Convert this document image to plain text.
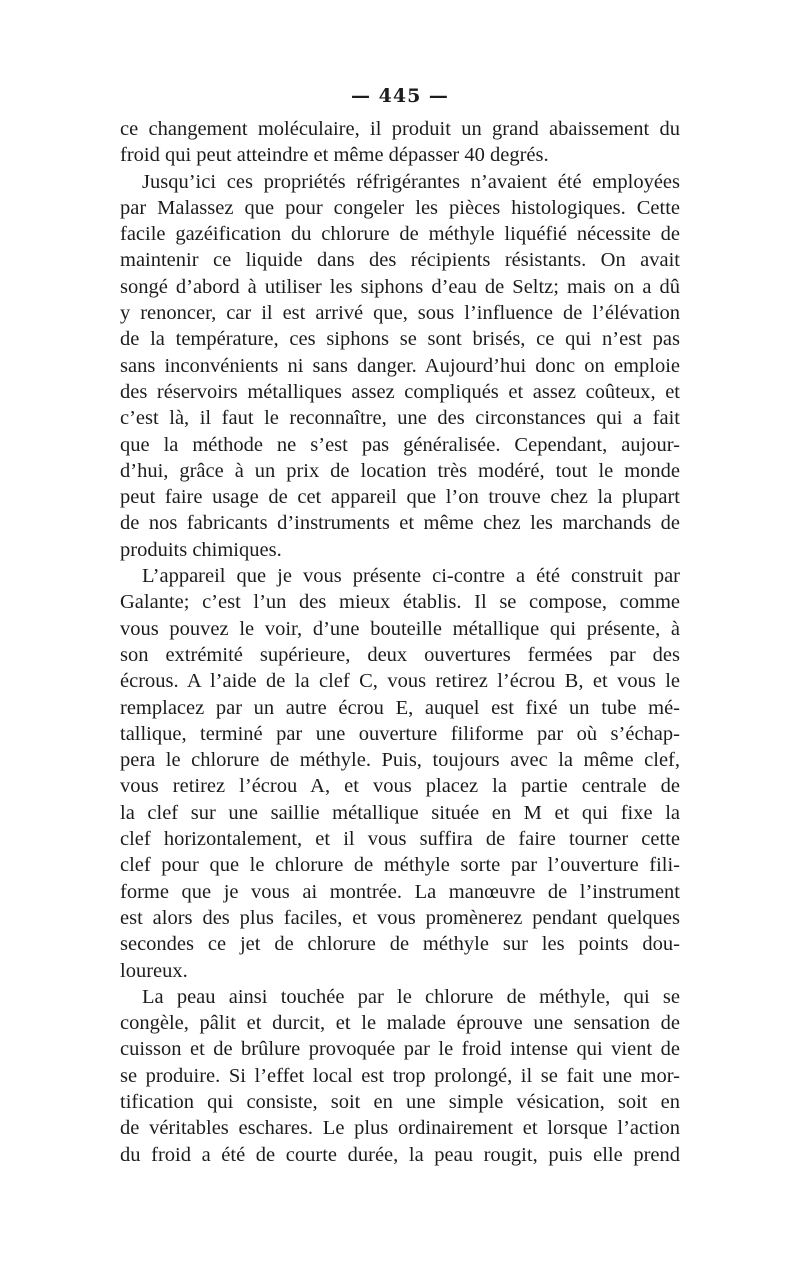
— 445 —
ce changement moléculaire, il produit un grand abaissement du
froid qui peut atteindre et même dépasser 40 degrés.
Jusqu’ici ces propriétés réfrigérantes n’avaient été employées
par Malassez que pour congeler les pièces histologiques. Cette
facile gazéification du chlorure de méthyle liquéfié nécessite de
maintenir ce liquide dans des récipients résistants. On avait
songé d’abord à utiliser les siphons d’eau de Seltz; mais on a dû
y renoncer, car il est arrivé que, sous l’influence de l’élévation
de la température, ces siphons se sont brisés, ce qui n’est pas
sans inconvénients ni sans danger. Aujourd’hui donc on emploie
des réservoirs métalliques assez compliqués et assez coûteux, et
c’est là, il faut le reconnaître, une des circonstances qui a fait
que la méthode ne s’est pas généralisée. Cependant, aujour-
d’hui, grâce à un prix de location très modéré, tout le monde
peut faire usage de cet appareil que l’on trouve chez la plupart
de nos fabricants d’instruments et même chez les marchands de
produits chimiques.
L’appareil que je vous présente ci-contre a été construit par
Galante; c’est l’un des mieux établis. Il se compose, comme
vous pouvez le voir, d’une bouteille métallique qui présente, à
son extrémité supérieure, deux ouvertures fermées par des
écrous. A l’aide de la clef C, vous retirez l’écrou B, et vous le
remplacez par un autre écrou E, auquel est fixé un tube mé-
tallique, terminé par une ouverture filiforme par où s’échap-
pera le chlorure de méthyle. Puis, toujours avec la même clef,
vous retirez l’écrou A, et vous placez la partie centrale de
la clef sur une saillie métallique située en M et qui fixe la
clef horizontalement, et il vous suffira de faire tourner cette
clef pour que le chlorure de méthyle sorte par l’ouverture fili-
forme que je vous ai montrée. La manœuvre de l’instrument
est alors des plus faciles, et vous promènerez pendant quelques
secondes ce jet de chlorure de méthyle sur les points dou-
loureux.
La peau ainsi touchée par le chlorure de méthyle, qui se
congèle, pâlit et durcit, et le malade éprouve une sensation de
cuisson et de brûlure provoquée par le froid intense qui vient de
se produire. Si l’effet local est trop prolongé, il se fait une mor-
tification qui consiste, soit en une simple vésication, soit en
de véritables eschares. Le plus ordinairement et lorsque l’action
du froid a été de courte durée, la peau rougit, puis elle prend
